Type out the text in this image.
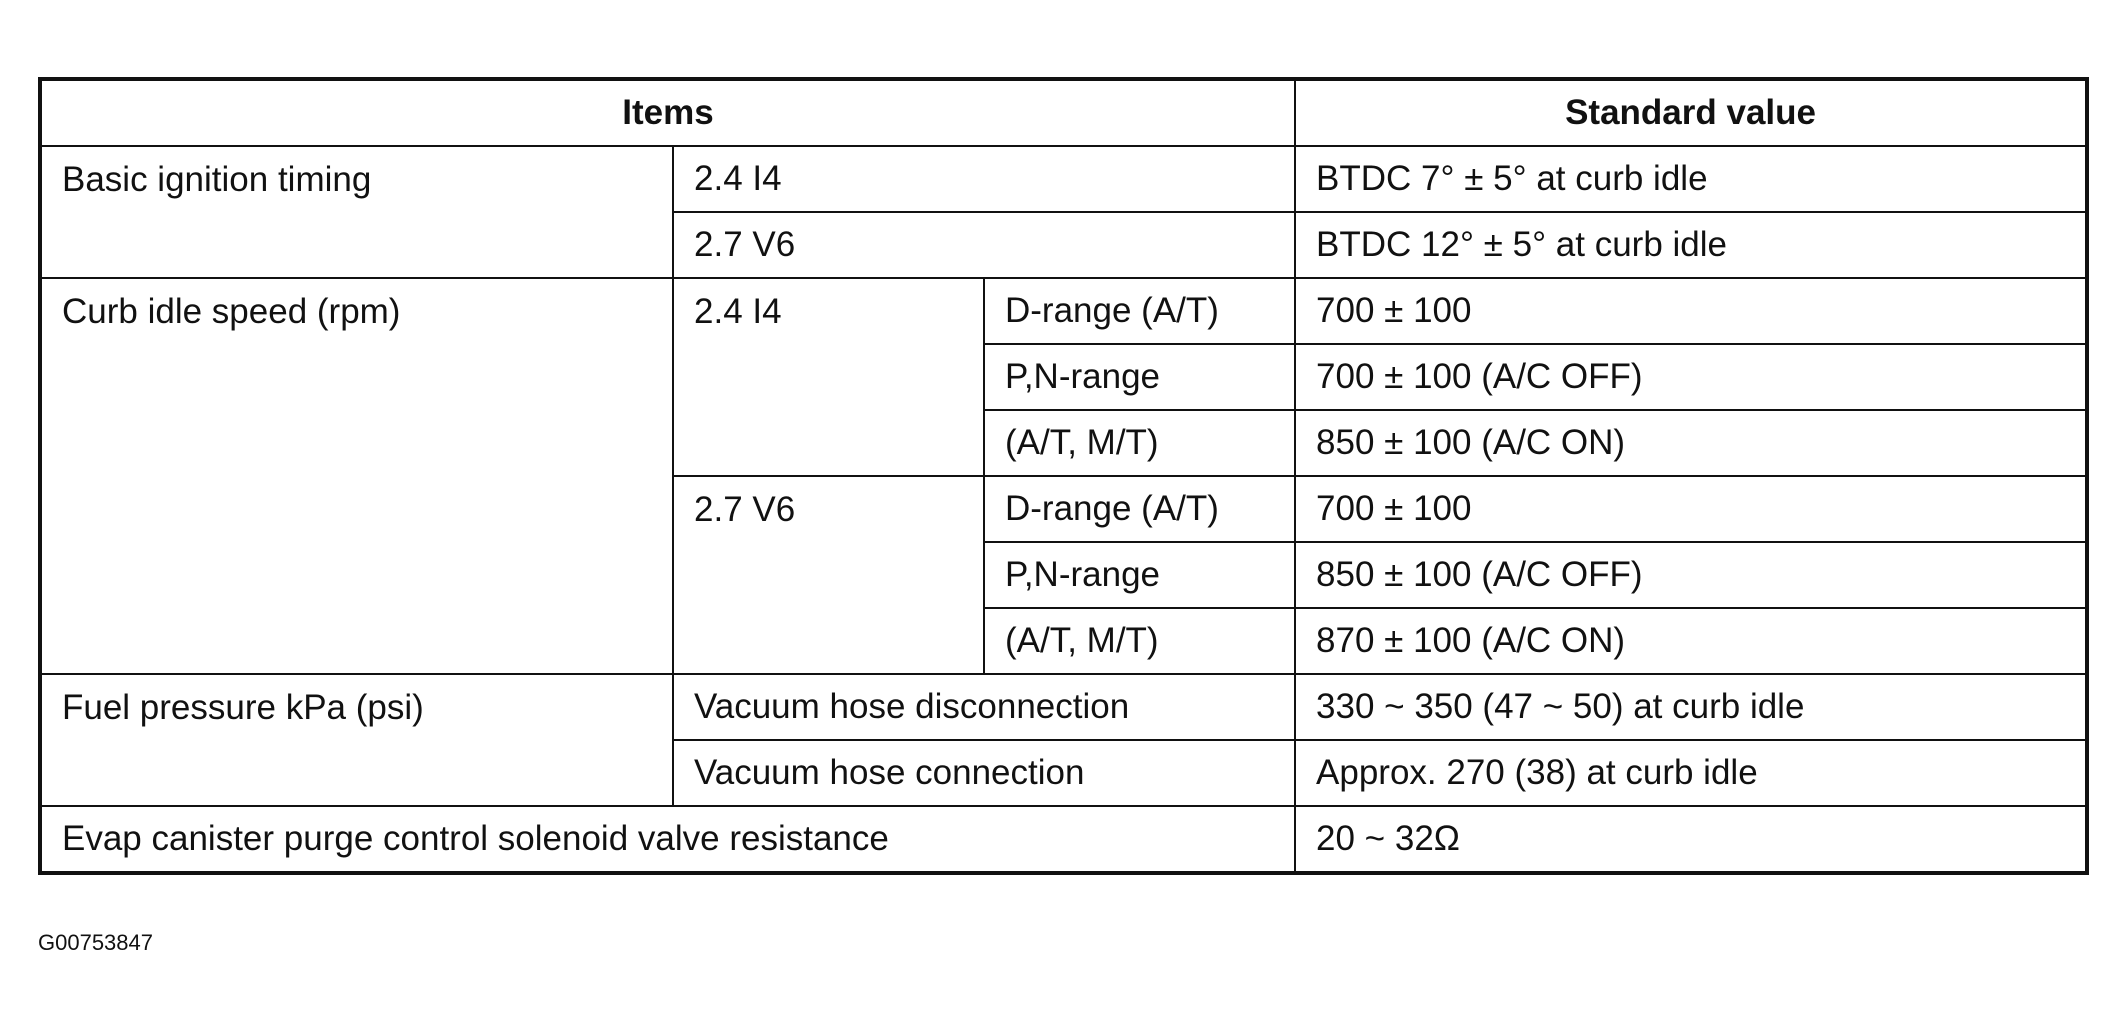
Items			Standard value
Basic ignition timing	2.4 I4		BTDC 7° ± 5° at curb idle
	2.7 V6		BTDC 12° ± 5° at curb idle
Curb idle speed (rpm)	2.4 I4	D-range (A/T)	700 ± 100
		P,N-range	700 ± 100 (A/C OFF)
		(A/T, M/T)	850 ± 100 (A/C ON)
	2.7 V6	D-range (A/T)	700 ± 100
		P,N-range	850 ± 100 (A/C OFF)
		(A/T, M/T)	870 ± 100 (A/C ON)
Fuel pressure kPa (psi)	Vacuum hose disconnection		330 ~ 350 (47 ~ 50) at curb idle
	Vacuum hose connection		Approx. 270 (38) at curb idle
Evap canister purge control solenoid valve resistance			20 ~ 32Ω
G00753847
